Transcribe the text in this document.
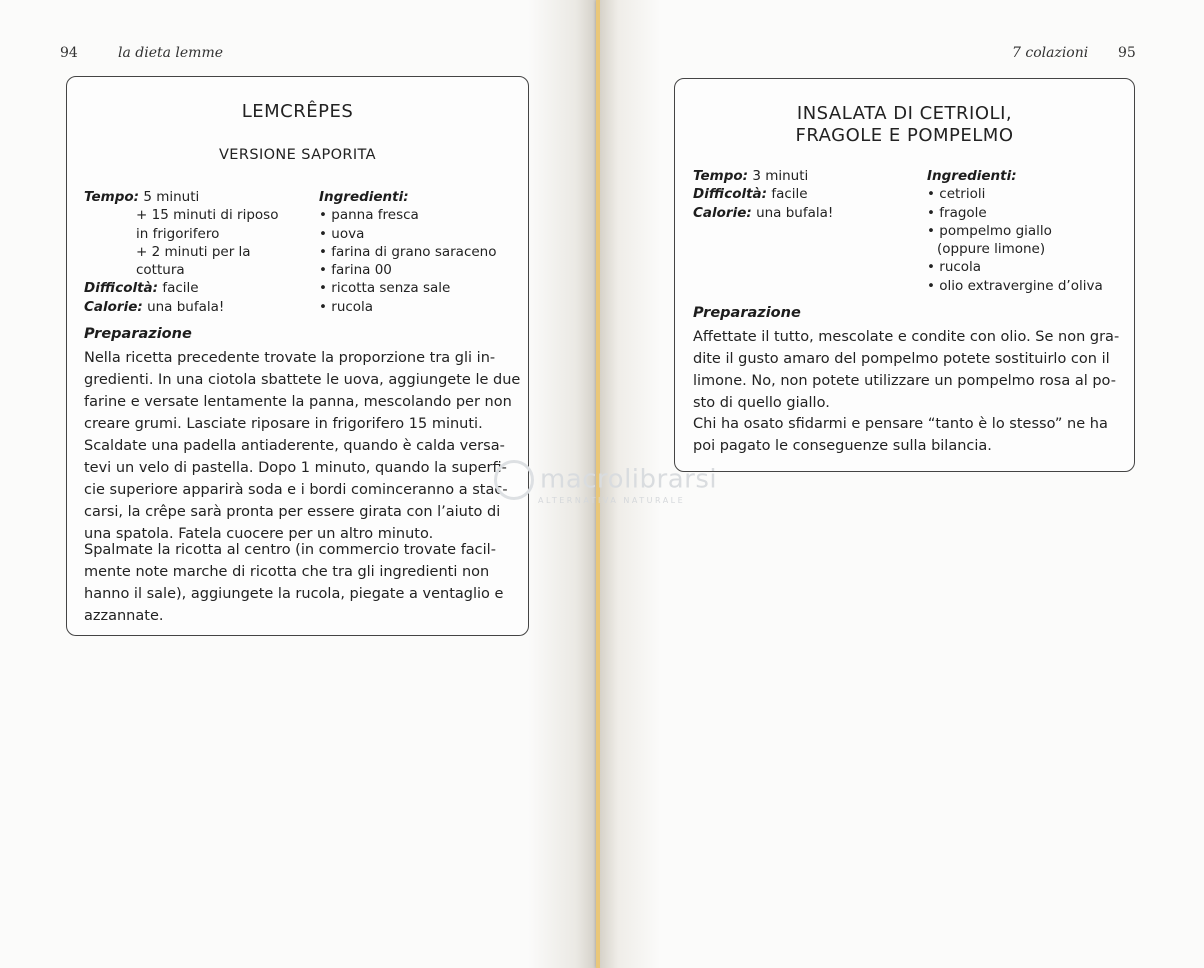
94	la dieta lemme
LEMCRÊPES
VERSIONE SAPORITA
Tempo: 5 minuti
+ 15 minuti di riposo
in frigorifero
+ 2 minuti per la
cottura
Difficoltà: facile
Calorie: una bufala!
Ingredienti:
• panna fresca
• uova
• farina di grano saraceno
• farina 00
• ricotta senza sale
• rucola
Preparazione
Nella ricetta precedente trovate la proporzione tra gli in-
gredienti. In una ciotola sbattete le uova, aggiungete le due
farine e versate lentamente la panna, mescolando per non
creare grumi. Lasciate riposare in frigorifero 15 minuti.
Scaldate una padella antiaderente, quando è calda versa-
tevi un velo di pastella. Dopo 1 minuto, quando la superfi-
cie superiore apparirà soda e i bordi cominceranno a stac-
carsi, la crêpe sarà pronta per essere girata con l’aiuto di
una spatola. Fatela cuocere per un altro minuto.
Spalmate la ricotta al centro (in commercio trovate facil-
mente note marche di ricotta che tra gli ingredienti non
hanno il sale), aggiungete la rucola, piegate a ventaglio e
azzannate.
7 colazioni 95
INSALATA DI CETRIOLI,
FRAGOLE E POMPELMO
Tempo: 3 minuti
Difficoltà: facile
Calorie: una bufala!
Ingredienti:
• cetrioli
• fragole
• pompelmo giallo
(oppure limone)
• rucola
• olio extravergine d’oliva
Preparazione
Affettate il tutto, mescolate e condite con olio. Se non gra-
dite il gusto amaro del pompelmo potete sostituirlo con il
limone. No, non potete utilizzare un pompelmo rosa al po-
sto di quello giallo.
Chi ha osato sfidarmi e pensare “tanto è lo stesso” ne ha
poi pagato le conseguenze sulla bilancia.
macrolibrarsi
ALTERNATIVA NATURALE
